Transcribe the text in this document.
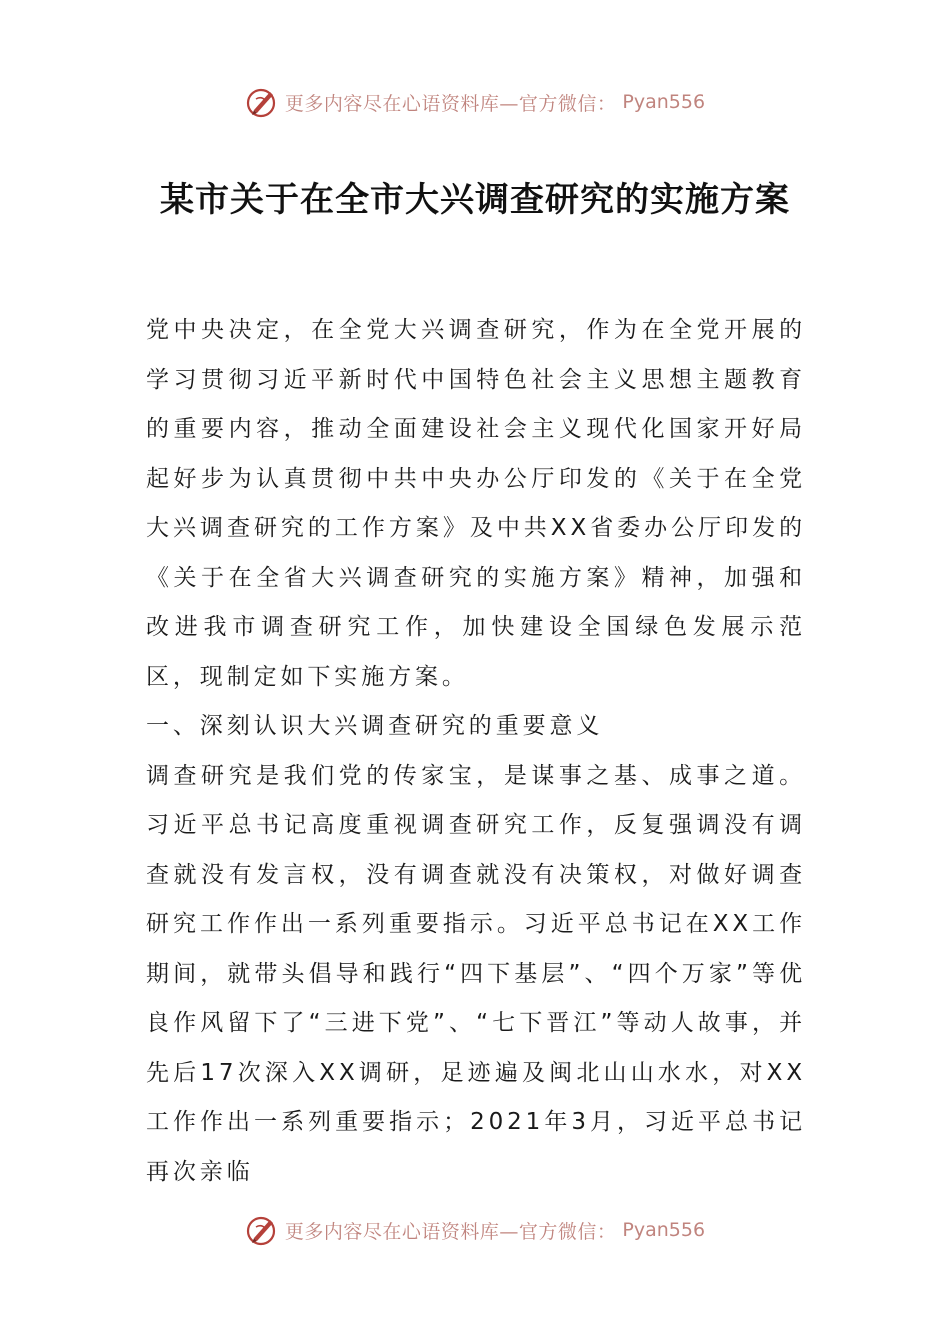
更多内容尽在心语资料库—官方微信： Pyan556
某市关于在全市大兴调查研究的实施方案

党中央决定，在全党大兴调查研究，作为在全党开展的学习贯彻习近平新时代中国特色社会主义思想主题教育的重要内容，推动全面建设社会主义现代化国家开好局起好步为认真贯彻中共中央办公厅印发的《关于在全党大兴调查研究的工作方案》及中共XX省委办公厅印发的《关于在全省大兴调查研究的实施方案》精神，加强和改进我市调查研究工作，加快建设全国绿色发展示范区，现制定如下实施方案。

一、深刻认识大兴调查研究的重要意义

调查研究是我们党的传家宝，是谋事之基、成事之道。习近平总书记高度重视调查研究工作，反复强调没有调查就没有发言权，没有调查就没有决策权，对做好调查研究工作作出一系列重要指示。习近平总书记在XX工作期间，就带头倡导和践行“四下基层”、“四个万家”等优良作风留下了“三进下党”、“七下晋江”等动人故事，并先后17次深入XX调研，足迹遍及闽北山山水水，对XX工作作出一系列重要指示；2021年3月，习近平总书记再次亲临

更多内容尽在心语资料库—官方微信： Pyan556
